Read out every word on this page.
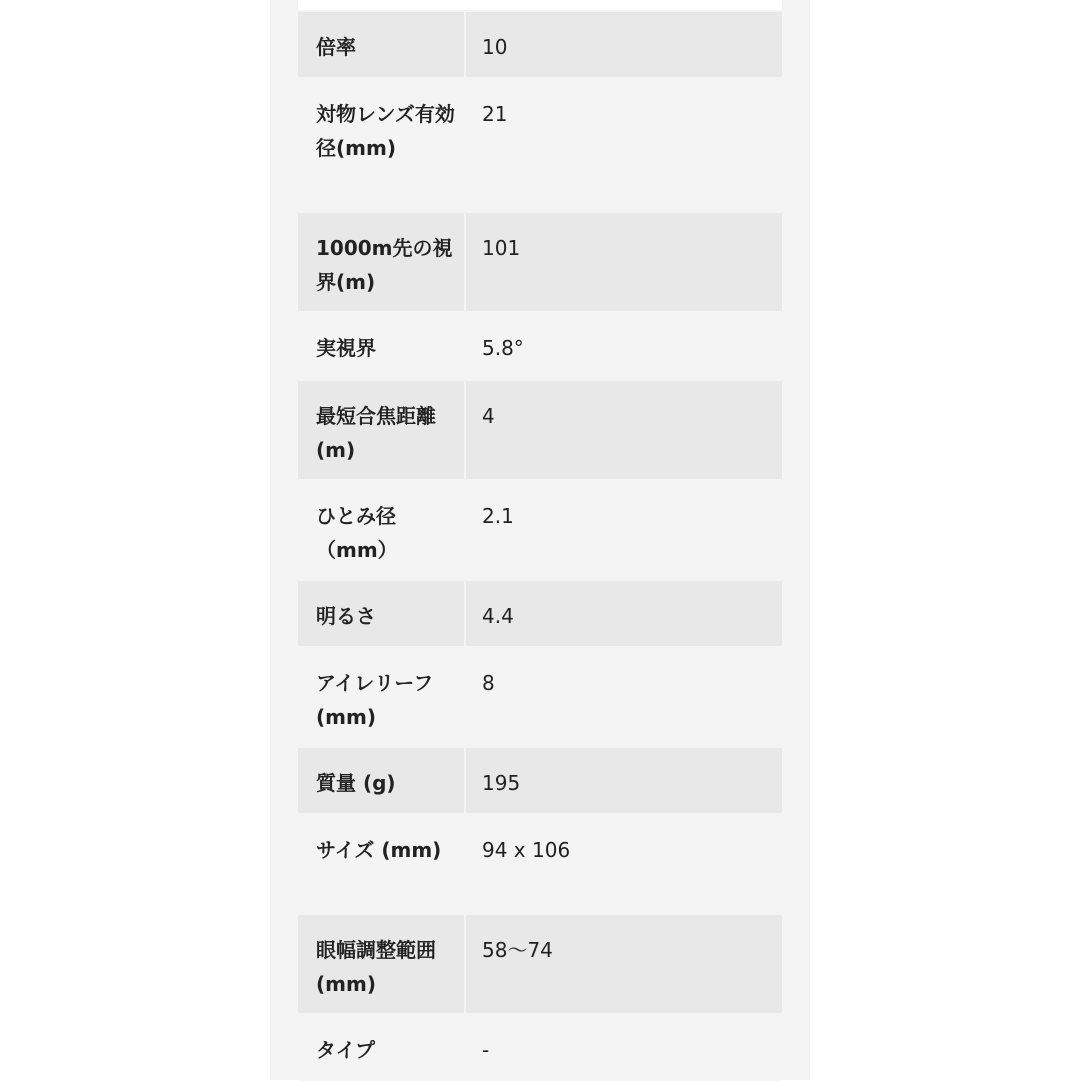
倍率	10
対物レンズ有効径(mm)	21
1000m先の視界(m)	101
実視界	5.8°
最短合焦距離 (m)	4
ひとみ径（mm）	2.1
明るさ	4.4
アイレリーフ (mm)	8
質量 (g)	195
サイズ (mm)	94 x 106
眼幅調整範囲(mm)	58〜74
タイプ	-
